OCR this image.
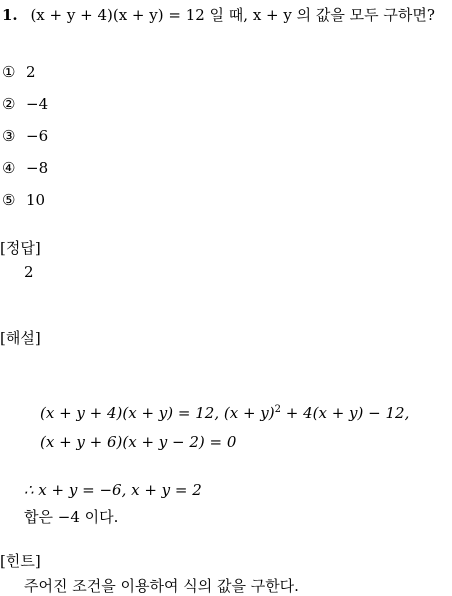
1. (x + y + 4)(x + y) = 12 일 때, x + y 의 값을 모두 구하면?
① 2
② −4
③ −6
④ −8
⑤ 10
[정답]
2
[해설]
(x + y + 4)(x + y) = 12, $(x + y)^2 + 4(x + y) - 12$,
(x + y + 6)(x + y − 2) = 0
∴ x + y = −6, x + y = 2
합은 −4 이다.
[힌트]
주어진 조건을 이용하여 식의 값을 구한다.
